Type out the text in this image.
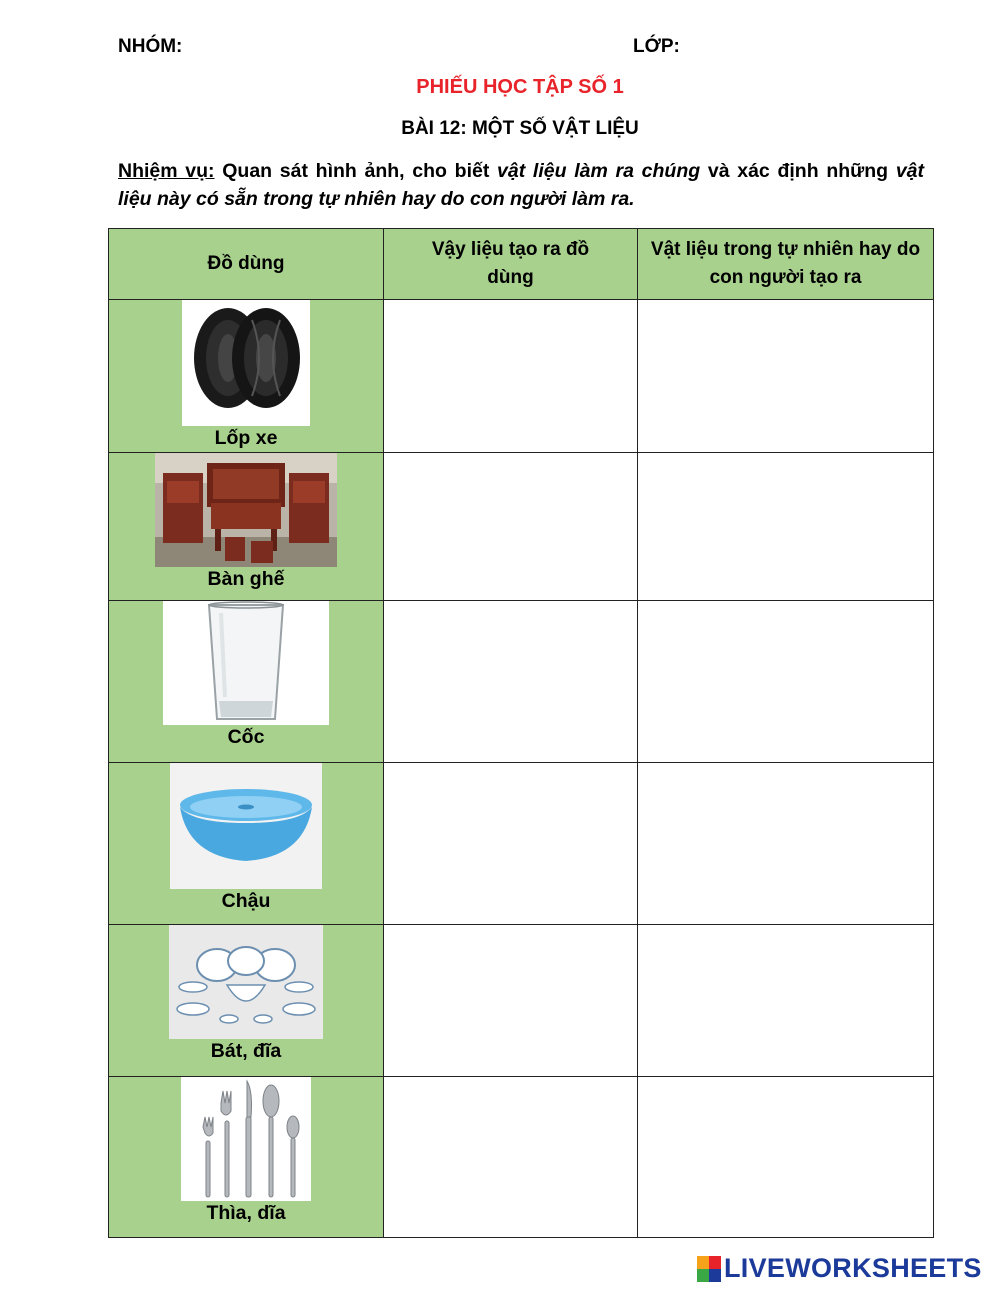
NHÓM:	LỚP:
PHIẾU HỌC TẬP SỐ 1
BÀI 12: MỘT SỐ VẬT LIỆU
Nhiệm vụ: Quan sát hình ảnh, cho biết vật liệu làm ra chúng và xác định những vật liệu này có sẵn trong tự nhiên hay do con người làm ra.
Đồ dùng	Vậy liệu tạo ra đồ dùng	Vật liệu trong tự nhiên hay do con người tạo ra

Lốp xe		

Bàn ghế		

Cốc		

Chậu		

Bát, đĩa		

Thìa, dĩa		

LIVEWORKSHEETS
